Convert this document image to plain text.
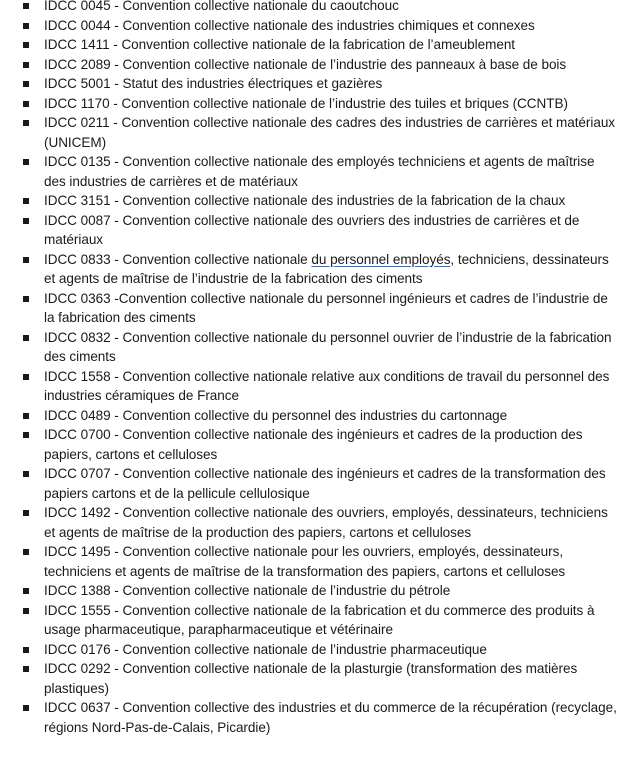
IDCC 0045 - Convention collective nationale du caoutchouc
IDCC 0044 - Convention collective nationale des industries chimiques et connexes
IDCC 1411 - Convention collective nationale de la fabrication de l’ameublement
IDCC 2089 - Convention collective nationale de l’industrie des panneaux à base de bois
IDCC 5001 - Statut des industries électriques et gazières
IDCC 1170 - Convention collective nationale de l’industrie des tuiles et briques (CCNTB)
IDCC 0211 - Convention collective nationale des cadres des industries de carrières et matériaux (UNICEM)
IDCC 0135 - Convention collective nationale des employés techniciens et agents de maîtrise des industries de carrières et de matériaux
IDCC 3151 - Convention collective nationale des industries de la fabrication de la chaux
IDCC 0087 - Convention collective nationale des ouvriers des industries de carrières et de matériaux
IDCC 0833 - Convention collective nationale du personnel employés, techniciens, dessinateurs et agents de maîtrise de l’industrie de la fabrication des ciments
IDCC 0363 -Convention collective nationale du personnel ingénieurs et cadres de l’industrie de la fabrication des ciments
IDCC 0832 - Convention collective nationale du personnel ouvrier de l’industrie de la fabrication des ciments
IDCC 1558 - Convention collective nationale relative aux conditions de travail du personnel des industries céramiques de France
IDCC 0489 - Convention collective du personnel des industries du cartonnage
IDCC 0700 - Convention collective nationale des ingénieurs et cadres de la production des papiers, cartons et celluloses
IDCC 0707 - Convention collective nationale des ingénieurs et cadres de la transformation des papiers cartons et de la pellicule cellulosique
IDCC 1492 - Convention collective nationale des ouvriers, employés, dessinateurs, techniciens et agents de maîtrise de la production des papiers, cartons et celluloses
IDCC 1495 - Convention collective nationale pour les ouvriers, employés, dessinateurs, techniciens et agents de maîtrise de la transformation des papiers, cartons et celluloses
IDCC 1388 - Convention collective nationale de l’industrie du pétrole
IDCC 1555 - Convention collective nationale de la fabrication et du commerce des produits à usage pharmaceutique, parapharmaceutique et vétérinaire
IDCC 0176 - Convention collective nationale de l’industrie pharmaceutique
IDCC 0292 - Convention collective nationale de la plasturgie (transformation des matières plastiques)
IDCC 0637 - Convention collective des industries et du commerce de la récupération (recyclage, régions Nord-Pas-de-Calais, Picardie)
